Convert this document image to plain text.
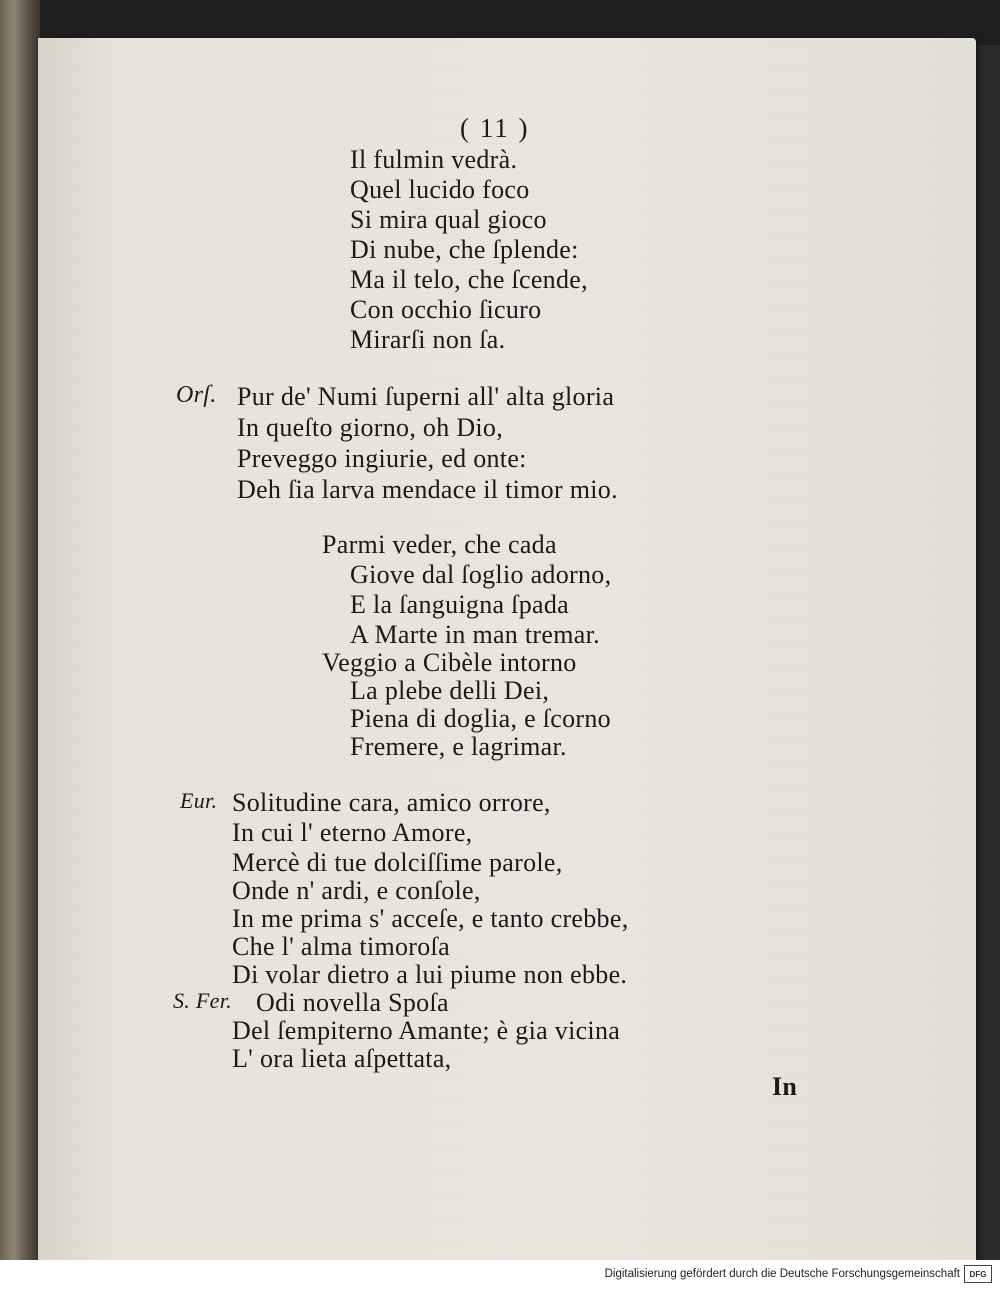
( 11 )
Il fulmin vedrà.
Quel lucido foco
Si mira qual gioco
Di nube, che ſplende:
Ma il telo, che ſcende,
Con occhio ſicuro
Mirarſi non ſa.
Orſ. Pur de' Numi ſuperni all' alta gloria
In queſto giorno, oh Dio,
Preveggo ingiurie, ed onte:
Deh ſia larva mendace il timor mio.
Parmi veder, che cada
Giove dal ſoglio adorno,
E la ſanguigna ſpada
A Marte in man tremar.
Veggio a Cibèle intorno
La plebe delli Dei,
Piena di doglia, e ſcorno
Fremere, e lagrimar.
Eur. Solitudine cara, amico orrore,
In cui l' eterno Amore,
Mercè di tue dolciſſime parole,
Onde n' ardi, e conſole,
In me prima s' acceſe, e tanto crebbe,
Che l' alma timoroſa
Di volar dietro a lui piume non ebbe.
S. Fer. Odi novella Spoſa
Del ſempiterno Amante; è gia vicina
L' ora lieta aſpettata,
In
Digitalisierung gefördert durch die Deutsche Forschungsgemeinschaft	DFG
